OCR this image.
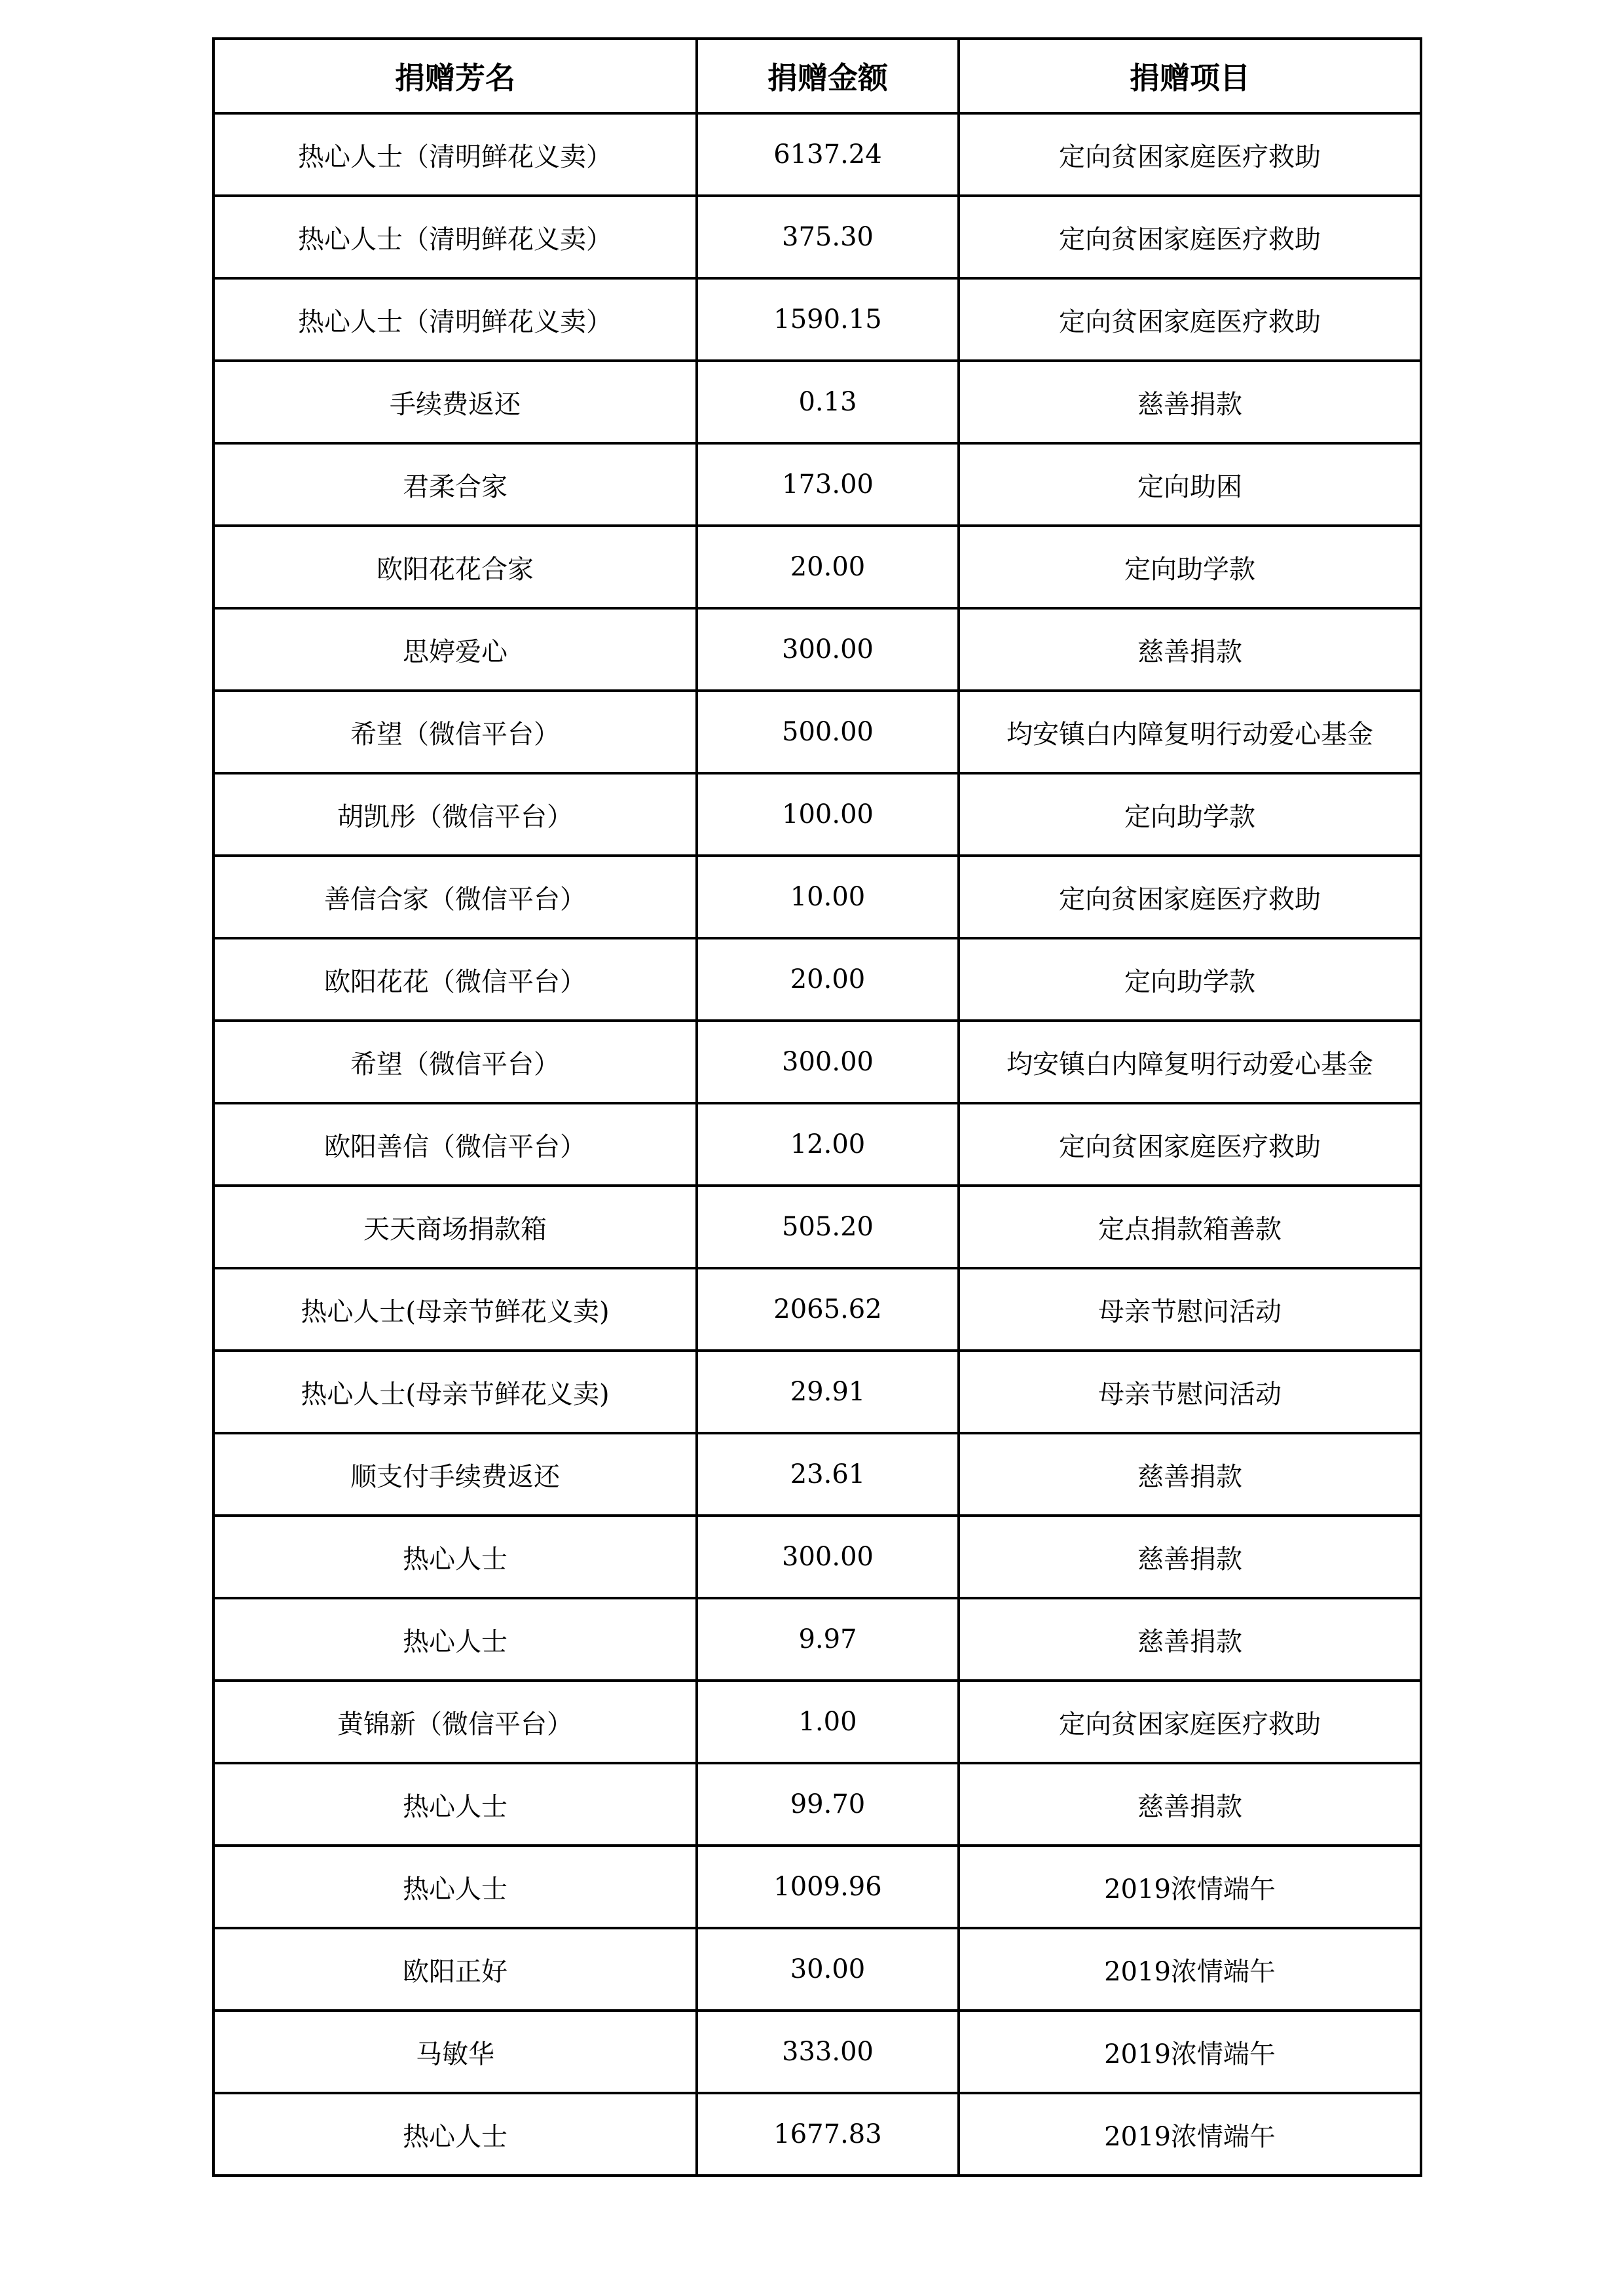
捐赠芳名	捐赠金额	捐赠项目
热心人士（清明鲜花义卖）	6137.24	定向贫困家庭医疗救助
热心人士（清明鲜花义卖）	375.30	定向贫困家庭医疗救助
热心人士（清明鲜花义卖）	1590.15	定向贫困家庭医疗救助
手续费返还	0.13	慈善捐款
君柔合家	173.00	定向助困
欧阳花花合家	20.00	定向助学款
思婷爱心	300.00	慈善捐款
希望（微信平台）	500.00	均安镇白内障复明行动爱心基金
胡凯彤（微信平台）	100.00	定向助学款
善信合家（微信平台）	10.00	定向贫困家庭医疗救助
欧阳花花（微信平台）	20.00	定向助学款
希望（微信平台）	300.00	均安镇白内障复明行动爱心基金
欧阳善信（微信平台）	12.00	定向贫困家庭医疗救助
天天商场捐款箱	505.20	定点捐款箱善款
热心人士(母亲节鲜花义卖)	2065.62	母亲节慰问活动
热心人士(母亲节鲜花义卖)	29.91	母亲节慰问活动
顺支付手续费返还	23.61	慈善捐款
热心人士	300.00	慈善捐款
热心人士	9.97	慈善捐款
黄锦新（微信平台）	1.00	定向贫困家庭医疗救助
热心人士	99.70	慈善捐款
热心人士	1009.96	2019浓情端午
欧阳正好	30.00	2019浓情端午
马敏华	333.00	2019浓情端午
热心人士	1677.83	2019浓情端午
